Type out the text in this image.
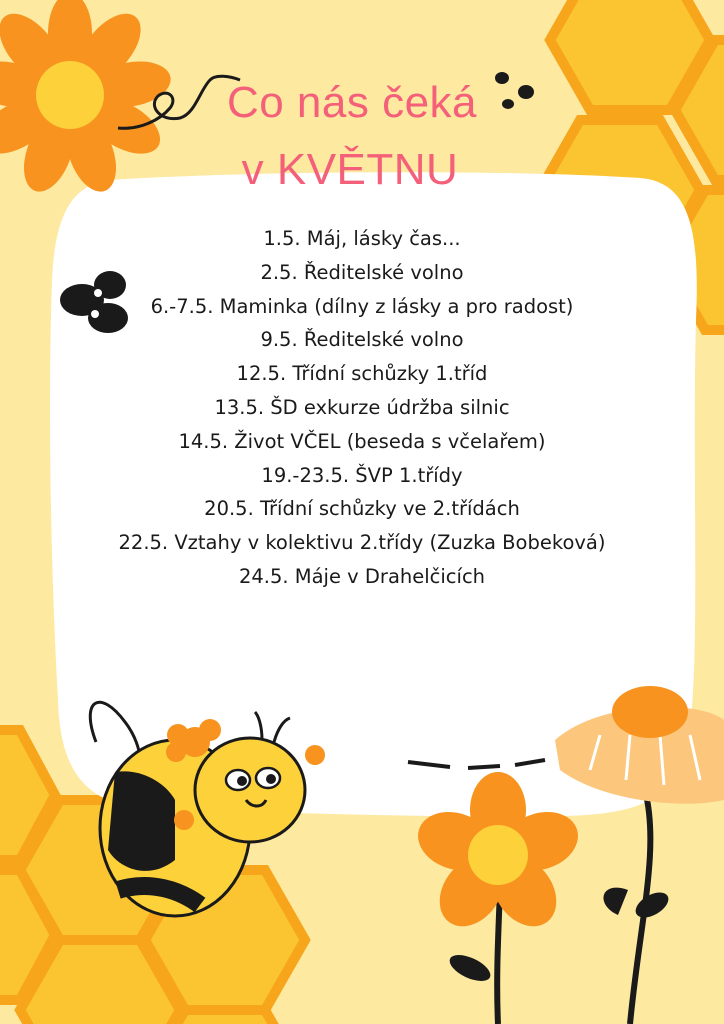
Co nás čeká
v KVĚTNU
1.5. Máj, lásky čas...
2.5. Ředitelské volno
6.-7.5. Maminka (dílny z lásky a pro radost)
9.5. Ředitelské volno
12.5. Třídní schůzky 1.tříd
13.5. ŠD exkurze údržba silnic
14.5. Život VČEL (beseda s včelařem)
19.-23.5. ŠVP 1.třídy
20.5. Třídní schůzky ve 2.třídách
22.5. Vztahy v kolektivu 2.třídy (Zuzka Bobeková)
24.5. Máje v Drahelčicích
